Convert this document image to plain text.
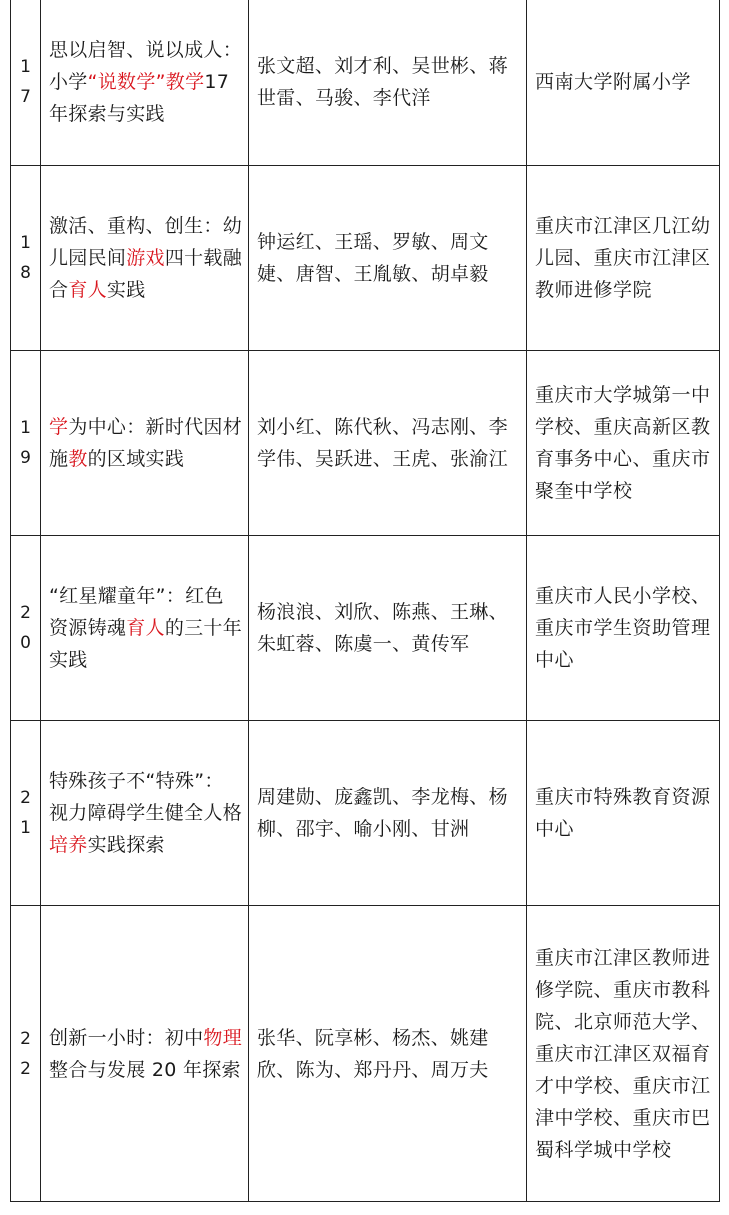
1
7	思以启智、说以成人：小学“说数学”教学17 年探索与实践	张文超、刘才利、吴世彬、蒋世雷、马骏、李代洋	西南大学附属小学

1
8	激活、重构、创生：幼儿园民间游戏四十载融合育人实践	钟运红、王瑶、罗敏、周文婕、唐智、王胤敏、胡卓毅	重庆市江津区几江幼儿园、重庆市江津区教师进修学院

1
9	学为中心：新时代因材施教的区域实践	刘小红、陈代秋、冯志刚、李学伟、吴跃进、王虎、张渝江	重庆市大学城第一中学校、重庆高新区教育事务中心、重庆市聚奎中学校

2
0	“红星耀童年”：红色资源铸魂育人的三十年实践	杨浪浪、刘欣、陈燕、王琳、朱虹蓉、陈虞一、黄传军	重庆市人民小学校、重庆市学生资助管理中心

2
1	特殊孩子不“特殊”：视力障碍学生健全人格培养实践探索	周建勋、庞鑫凯、李龙梅、杨柳、邵宇、喻小刚、甘洲	重庆市特殊教育资源中心

2
2	创新一小时：初中物理整合与发展 20 年探索	张华、阮享彬、杨杰、姚建欣、陈为、郑丹丹、周万夫	重庆市江津区教师进修学院、重庆市教科院、北京师范大学、重庆市江津区双福育才中学校、重庆市江津中学校、重庆市巴蜀科学城中学校
